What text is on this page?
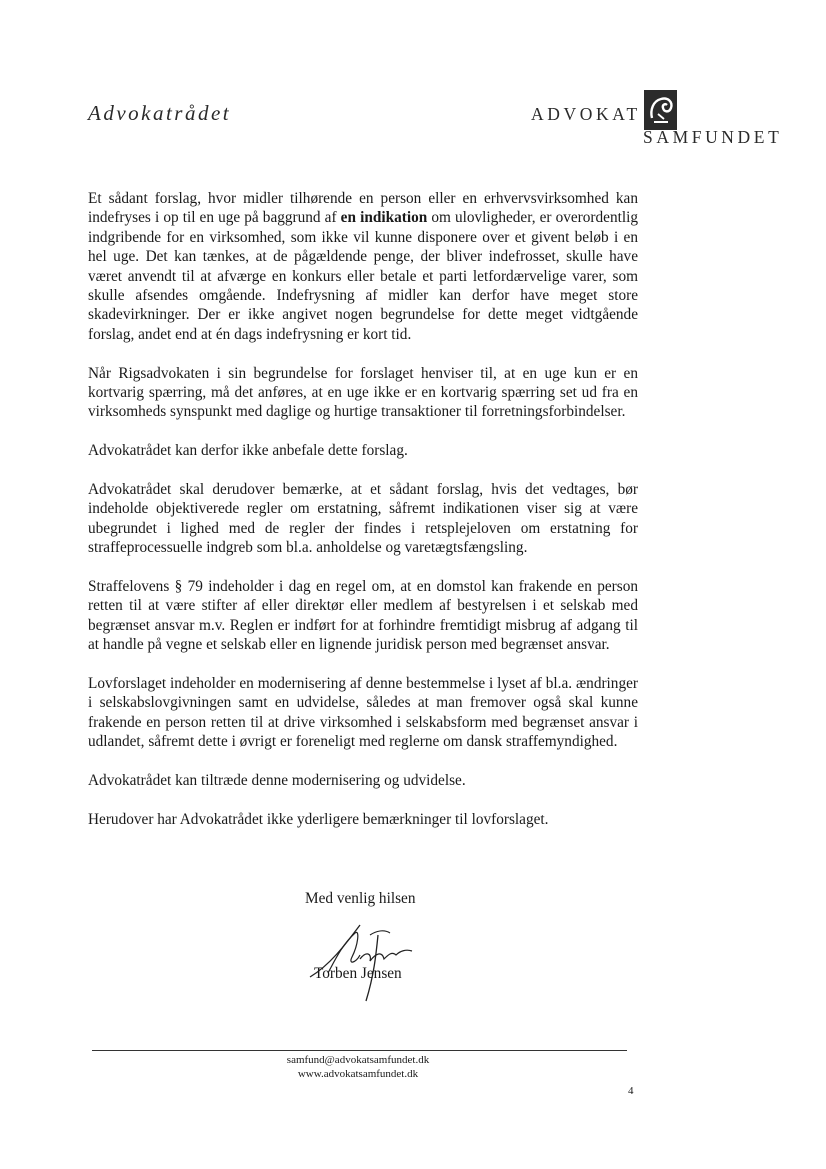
Advokatrådet	ADVOKAT
SAMFUNDET

Et sådant forslag, hvor midler tilhørende en person eller en erhvervsvirksomhed kan indefryses i op til en uge på baggrund af en indikation om ulovligheder, er overordentlig indgribende for en virksomhed, som ikke vil kunne disponere over et givent beløb i en hel uge. Det kan tænkes, at de pågældende penge, der bliver indefrosset, skulle have været anvendt til at afværge en konkurs eller betale et parti letfordærvelige varer, som skulle afsendes omgående. Indefrysning af midler kan derfor have meget store skadevirkninger. Der er ikke angivet nogen begrundelse for dette meget vidtgående forslag, andet end at én dags indefrysning er kort tid.

Når Rigsadvokaten i sin begrundelse for forslaget henviser til, at en uge kun er en kortvarig spærring, må det anføres, at en uge ikke er en kortvarig spærring set ud fra en virksomheds synspunkt med daglige og hurtige transaktioner til forretningsforbindelser.

Advokatrådet kan derfor ikke anbefale dette forslag.

Advokatrådet skal derudover bemærke, at et sådant forslag, hvis det vedtages, bør indeholde objektiverede regler om erstatning, såfremt indikationen viser sig at være ubegrundet i lighed med de regler der findes i retsplejeloven om erstatning for straffeprocessuelle indgreb som bl.a. anholdelse og varetægtsfængsling.

Straffelovens § 79 indeholder i dag en regel om, at en domstol kan frakende en person retten til at være stifter af eller direktør eller medlem af bestyrelsen i et selskab med begrænset ansvar m.v. Reglen er indført for at forhindre fremtidigt misbrug af adgang til at handle på vegne et selskab eller en lignende juridisk person med begrænset ansvar.

Lovforslaget indeholder en modernisering af denne bestemmelse i lyset af bl.a. ændringer i selskabslovgivningen samt en udvidelse, således at man fremover også skal kunne frakende en person retten til at drive virksomhed i selskabsform med begrænset ansvar i udlandet, såfremt dette i øvrigt er foreneligt med reglerne om dansk straffemyndighed.

Advokatrådet kan tiltræde denne modernisering og udvidelse.

Herudover har Advokatrådet ikke yderligere bemærkninger til lovforslaget.

Med venlig hilsen
Torben Jensen
samfund@advokatsamfundet.dk
www.advokatsamfundet.dk
4
